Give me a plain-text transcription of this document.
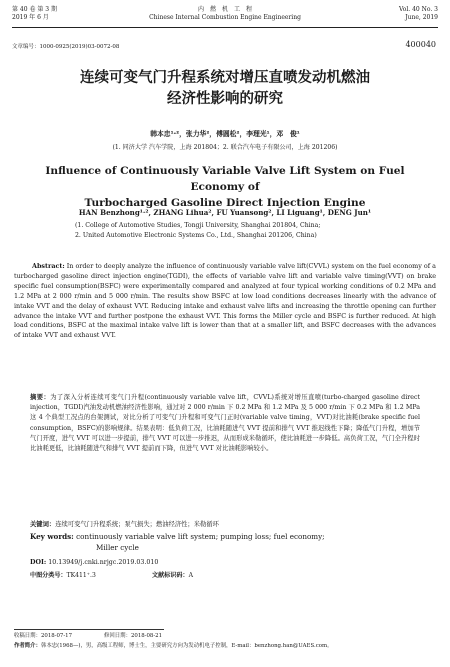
第 40 卷 第 3 期
2019 年 6 月
内　燃　机　工　程
Chinese Internal Combustion Engine Engineering
Vol. 40 No. 3
June, 2019
文章编号：1000-0925(2019)03-0072-08	400040
连续可变气门升程系统对增压直喷发动机燃油
经济性影响的研究
韩本忠¹·²，张力华²，傅圆松²，李理光¹，邓　俊¹
(1. 同济大学 汽车学院，上海 201804；2. 联合汽车电子有限公司，上海 201206)
Influence of Continuously Variable Valve Lift System on Fuel Economy of
Turbocharged Gasoline Direct Injection Engine
HAN Benzhong¹·², ZHANG Lihua², FU Yuansong², LI Liguang¹, DENG Jun¹
(1. College of Automotive Studies, Tongji University, Shanghai 201804, China;
2. United Automotive Electronic Systems Co., Ltd., Shanghai 201206, China)
Abstract: In order to deeply analyze the influence of continuously variable valve lift(CVVL) system on the fuel economy of a turbocharged gasoline direct injection engine(TGDI), the effects of variable valve lift and variable valve timing(VVT) on brake specific fuel consumption(BSFC) were experimentally compared and analyzed at four typical working conditions of 0.2 MPa and 1.2 MPa at 2 000 r/min and 5 000 r/min. The results show BSFC at low load conditions decreases linearly with the advance of intake VVT and the delay of exhaust VVT. Reducing intake and exhaust valve lifts and increasing the throttle opening can further advance the intake VVT and further postpone the exhaust VVT. This forms the Miller cycle and BSFC is further reduced. At high load conditions, BSFC at the maximal intake valve lift is lower than that at a smaller lift, and BSFC decreases with the advances of intake VVT and exhaust VVT.
摘要：为了深入分析连续可变气门升程(continuously variable valve lift，CVVL)系统对增压直喷(turbo-charged gasoline direct injection，TGDI)汽油发动机燃油经济性影响，通过对 2 000 r/min 下 0.2 MPa 和 1.2 MPa 及 5 000 r/min 下 0.2 MPa 和 1.2 MPa 这 4 个典型工况点的台架测试，对比分析了可变气门升程和可变气门正时(variable valve timing，VVT)对比油耗(brake specific fuel consumption，BSFC)的影响规律。结果表明：低负荷工况，比油耗随进气 VVT 提前和排气 VVT 推迟线性下降；降低气门升程，增加节气门开度，进气 VVT 可以进一步提前，排气 VVT 可以进一步推迟，从而形成米勒循环，使比油耗进一步降低。高负荷工况，气门全升程时比油耗更低，比油耗随进气和排气 VVT 提前而下降，但进气 VVT 对比油耗影响较小。
关键词：连续可变气门升程系统；泵气损失；燃油经济性；米勒循环
Key words: continuously variable valve lift system; pumping loss; fuel economy;
Miller cycle
DOI: 10.13949/j.cnki.nrjgc.2019.03.010
中图分类号：TK411⁺.3	文献标识码：A
收稿日期：2018-07-17	修回日期：2018-08-21
作者简介：韩本忠(1968—)，男，高级工程师，博士生，主要研究方向为发动机电子控制，E-mail：benzhong.han@UAES.com。
